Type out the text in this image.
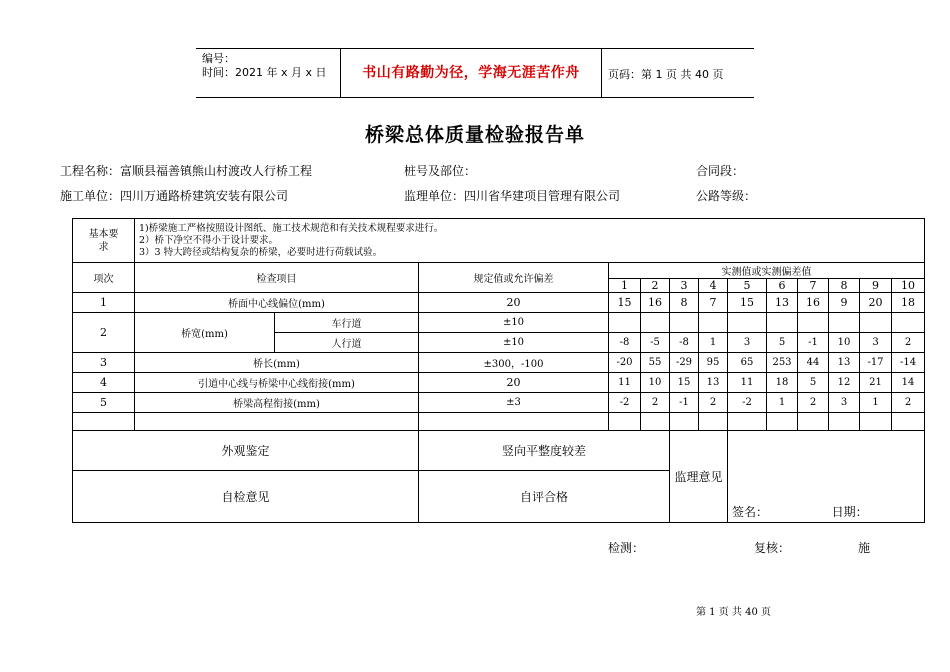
编号：
时间：2021 年 x 月 x 日	书山有路勤为径，学海无涯苦作舟	页码：第 1 页 共 40 页
桥梁总体质量检验报告单
工程名称：富顺县福善镇熊山村渡改人行桥工程	桩号及部位：	合同段：
施工单位：四川万通路桥建筑安装有限公司	监理单位：四川省华建项目管理有限公司	公路等级：
基本要求	1)桥梁施工严格按照设计图纸、施工技术规范和有关技术规程要求进行。
2）桥下净空不得小于设计要求。
3）3 特大跨径或结构复杂的桥梁，必要时进行荷载试验。												

项次	检查项目		规定值或允许偏差	实测值或实测偏差值									
				1	2	3	4	5	6	7	8	9	10
1	桥面中心线偏位(mm)		20	15	16	8	7	15	13	16	9	20	18
2	桥宽(mm)	车行道	±10										
		人行道	±10	-8	-5	-8	1	3	5	-1	10	3	2
3	桥长(mm)		±300，-100	-20	55	-29	95	65	253	44	13	-17	-14
4	引道中心线与桥梁中心线衔接(mm)		20	11	10	15	13	11	18	5	12	21	14
5	桥梁高程衔接(mm)		±3	-2	2	-1	2	-2	1	2	3	1	2

外观鉴定			竖向平整度较差			监理意见		签名： 日期：					
自检意见			自评合格										
检测：	复核：	施
第 1 页 共 40 页
